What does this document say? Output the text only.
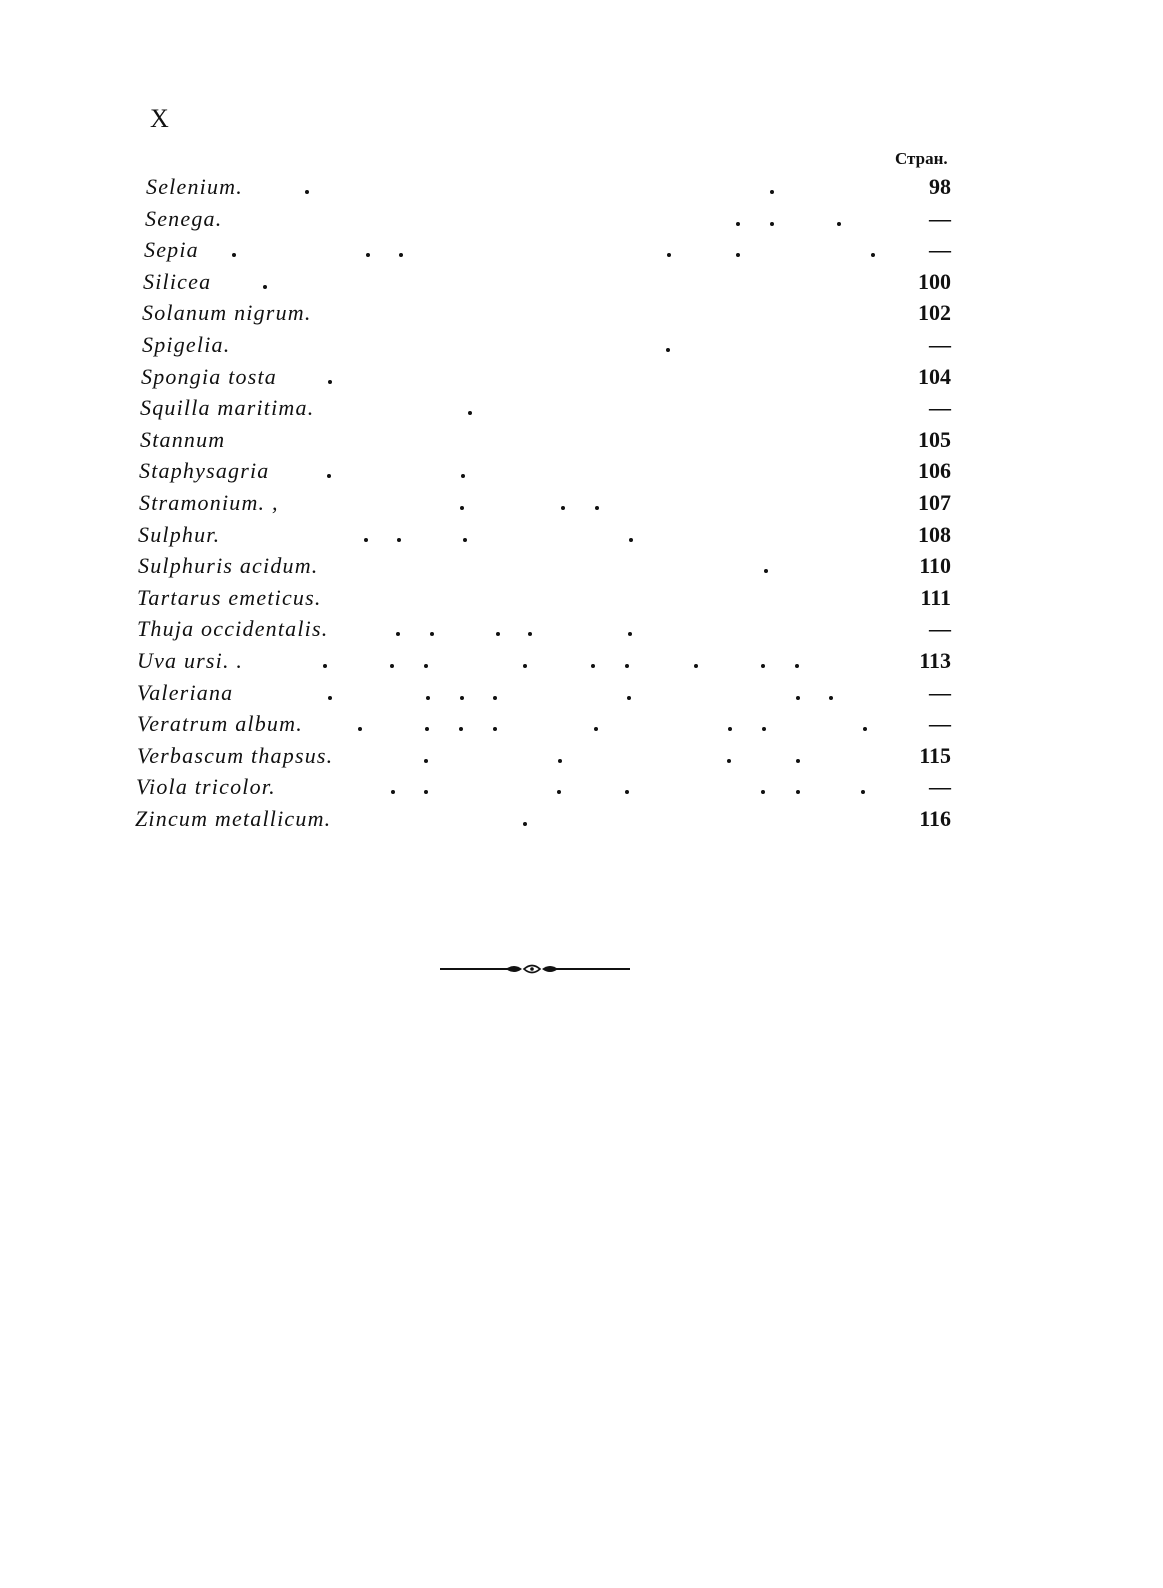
X
Стран.
Selenium.	98
Senega.	—
Sepia	—
Silicea	100
Solanum nigrum.	102
Spigelia.	—
Spongia tosta	104
Squilla maritima.	—
Stannum	105
Staphysagria	106
Stramonium. ,	107
Sulphur.	108
Sulphuris acidum.	110
Tartarus emeticus.	111
Thuja occidentalis.	—
Uva ursi. .	113
Valeriana	—
Veratrum album.	—
Verbascum thapsus.	115
Viola tricolor.	—
Zincum metallicum.	116
